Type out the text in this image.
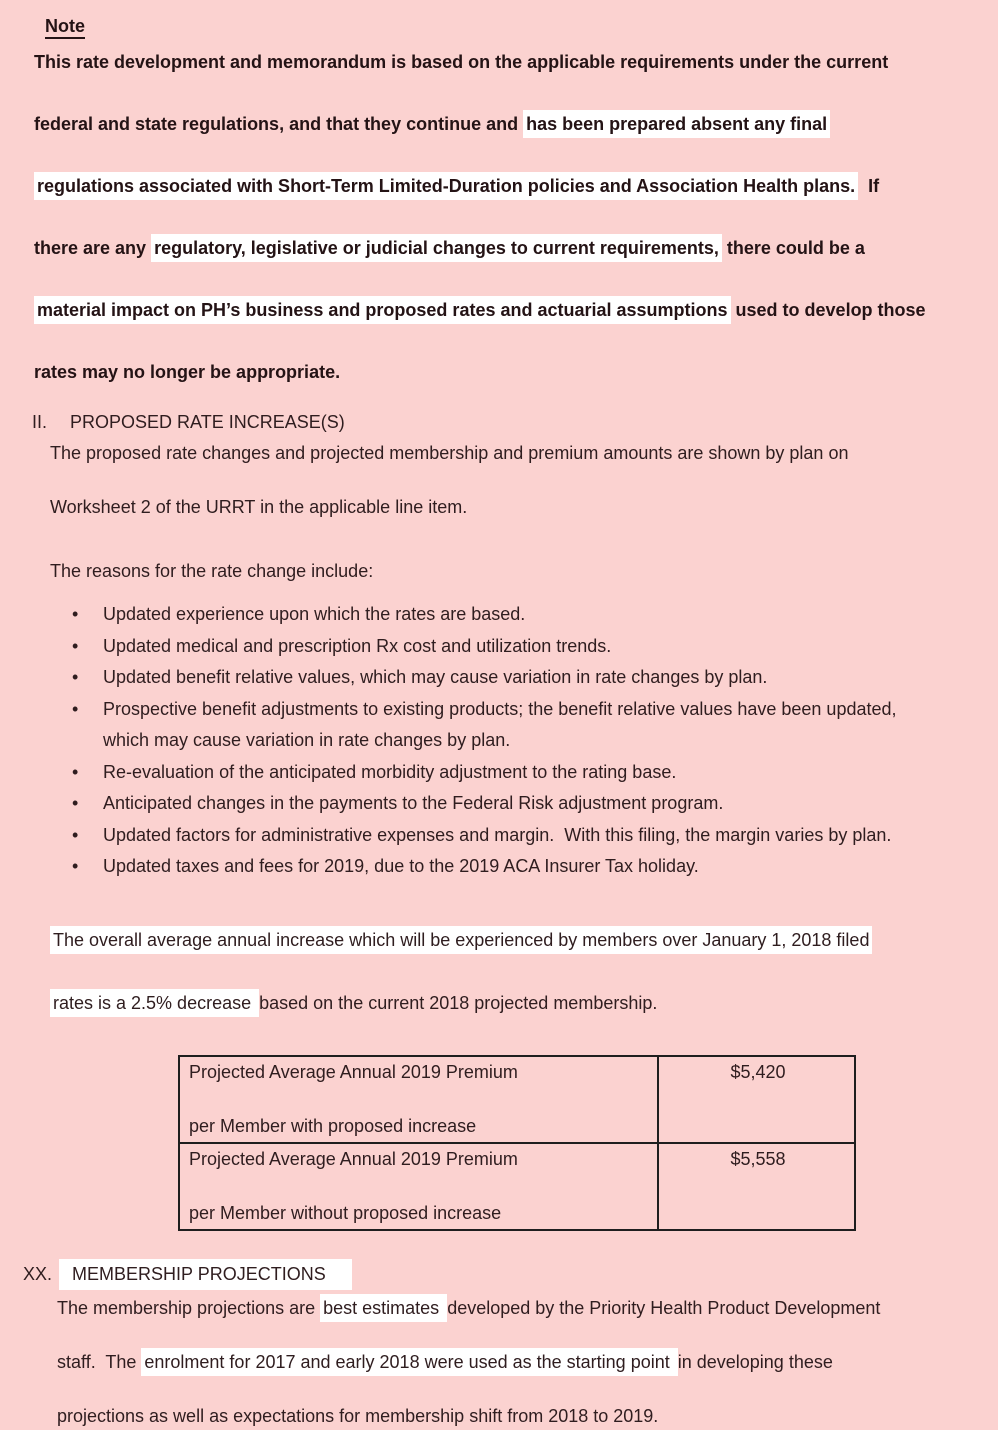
Note

This rate development and memorandum is based on the applicable requirements under the current

federal and state regulations, and that they continue and has been prepared absent any final

regulations associated with Short-Term Limited-Duration policies and Association Health plans.  If

there are any regulatory, legislative or judicial changes to current requirements, there could be a

material impact on PH’s business and proposed rates and actuarial assumptions used to develop those

rates may no longer be appropriate.

II. PROPOSED RATE INCREASE(S)

The proposed rate changes and projected membership and premium amounts are shown by plan on

Worksheet 2 of the URRT in the applicable line item.

The reasons for the rate change include:

• Updated experience upon which the rates are based.
• Updated medical and prescription Rx cost and utilization trends.
• Updated benefit relative values, which may cause variation in rate changes by plan.
• Prospective benefit adjustments to existing products; the benefit relative values have been updated, which may cause variation in rate changes by plan.
• Re-evaluation of the anticipated morbidity adjustment to the rating base.
• Anticipated changes in the payments to the Federal Risk adjustment program.
• Updated factors for administrative expenses and margin.  With this filing, the margin varies by plan.
• Updated taxes and fees for 2019, due to the 2019 ACA Insurer Tax holiday.

The overall average annual increase which will be experienced by members over January 1, 2018 filed

rates is a 2.5% decrease based on the current 2018 projected membership.

Projected Average Annual 2019 Premium

per Member with proposed increase	$5,420
Projected Average Annual 2019 Premium

per Member without proposed increase	$5,558
XX. MEMBERSHIP PROJECTIONS

The membership projections are best estimates developed by the Priority Health Product Development

staff.  The enrolment for 2017 and early 2018 were used as the starting point in developing these

projections as well as expectations for membership shift from 2018 to 2019.
